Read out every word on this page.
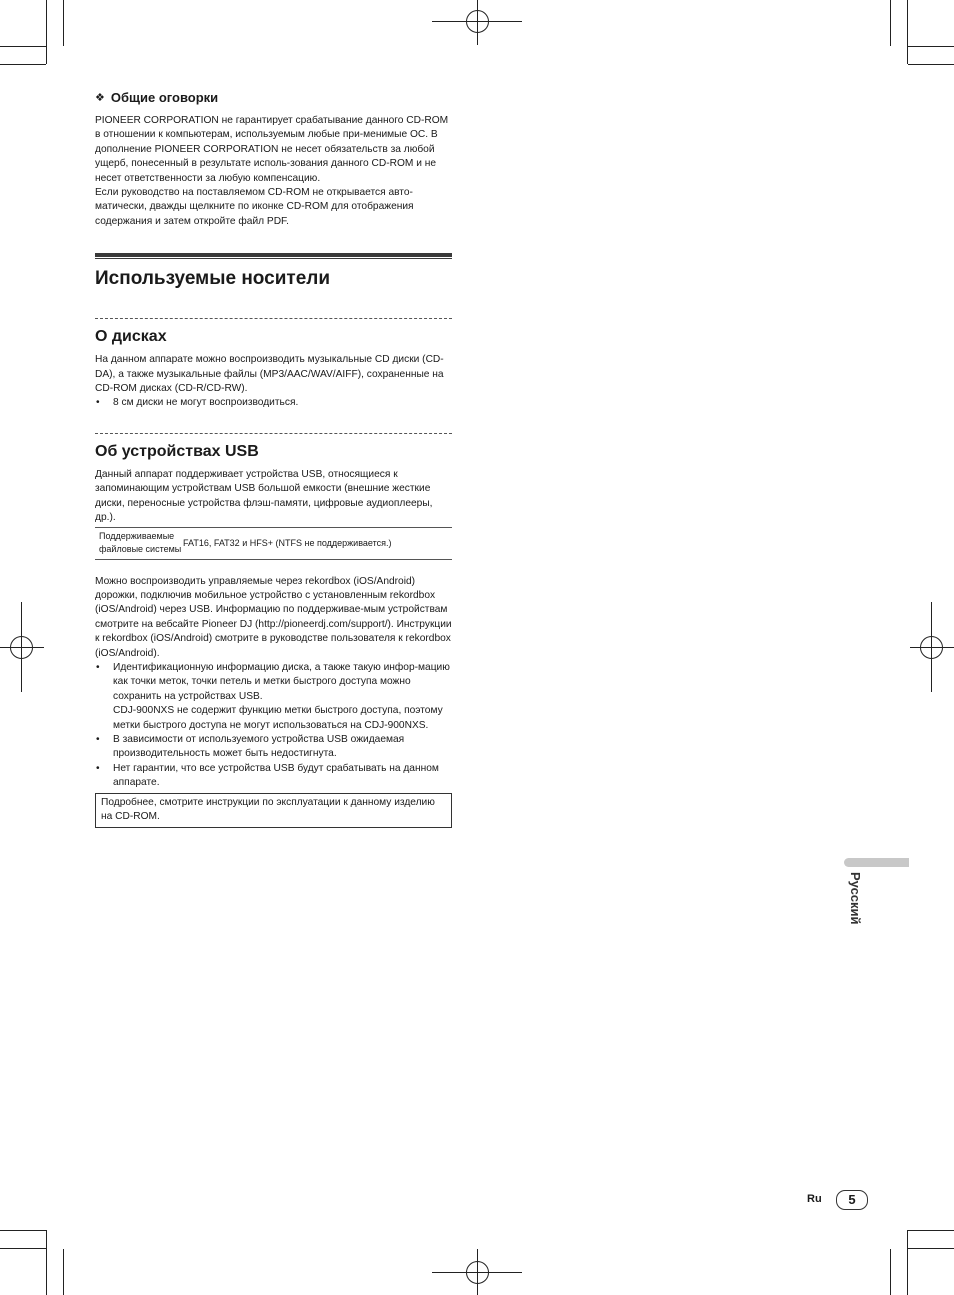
❖ Общие оговорки

PIONEER CORPORATION не гарантирует срабатывание данного CD-ROM в отношении к компьютерам, используемым любые при-менимые ОС. В дополнение PIONEER CORPORATION не несет обязательств за любой ущерб, понесенный в результате исполь-зования данного CD-ROM и не несет ответственности за любую компенсацию.

Если руководство на поставляемом CD-ROM не открывается авто-матически, дважды щелкните по иконке CD-ROM для отображения содержания и затем откройте файл PDF.

Используемые носители
О дисках

На данном аппарате можно воспроизводить музыкальные CD диски (CD-DA), а также музыкальные файлы (MP3/AAC/WAV/AIFF), сохраненные на CD-ROM дисках (CD-R/CD-RW).

• 8 см диски не могут воспроизводиться.
Об устройствах USB

Данный аппарат поддерживает устройства USB, относящиеся к запоминающим устройствам USB большой емкости (внешние жесткие диски, переносные устройства флэш-памяти, цифровые аудиоплееры, др.).

Поддерживаемые файловые системы
FAT16, FAT32 и HFS+ (NTFS не поддерживается.)

Можно воспроизводить управляемые через rekordbox (iOS/Android) дорожки, подключив мобильное устройство с установленным rekordbox (iOS/Android) через USB. Информацию по поддерживае-мым устройствам смотрите на вебсайте Pioneer DJ (http://pioneerdj.com/support/). Инструкции к rekordbox (iOS/Android) смотрите в руководстве пользователя к rekordbox (iOS/Android).

• Идентификационную информацию диска, а также такую инфор-мацию как точки меток, точки петель и метки быстрого доступа можно сохранить на устройствах USB.
CDJ-900NXS не содержит функцию метки быстрого доступа, поэтому метки быстрого доступа не могут использоваться на CDJ-900NXS.
• В зависимости от используемого устройства USB ожидаемая производительность может быть недостигнута.
• Нет гарантии, что все устройства USB будут срабатывать на данном аппарате.
Подробнее, смотрите инструкции по эксплуатации к данному изделию на CD-ROM.
Русский
Ru	5
